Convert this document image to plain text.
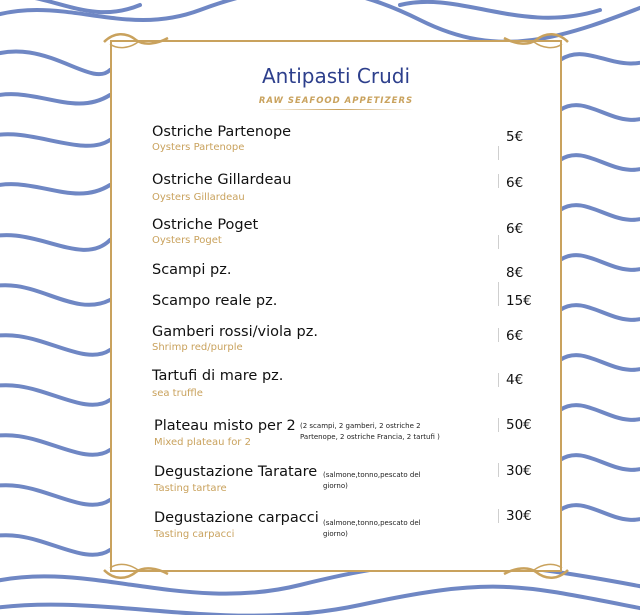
Antipasti Crudi
RAW SEAFOOD APPETIZERS
Ostriche Partenope
Oysters Partenope
5€
Ostriche Gillardeau
Oysters Gillardeau
6€
Ostriche Poget
Oysters Poget
6€
Scampi pz.	8€
Scampo reale pz.	15€
Gamberi rossi/viola pz.
Shrimp red/purple
6€
Tartufi di mare pz.
sea truffle
4€
Plateau misto per 2
Mixed plateau for 2
(2 scampi, 2 gamberi, 2 ostriche 2 Partenope, 2 ostriche Francia, 2 tartufi )
50€
Degustazione Taratare
Tasting tartare
(salmone,tonno,pescato del giorno)
30€
Degustazione carpacci
Tasting carpacci
(salmone,tonno,pescato del giorno)
30€
